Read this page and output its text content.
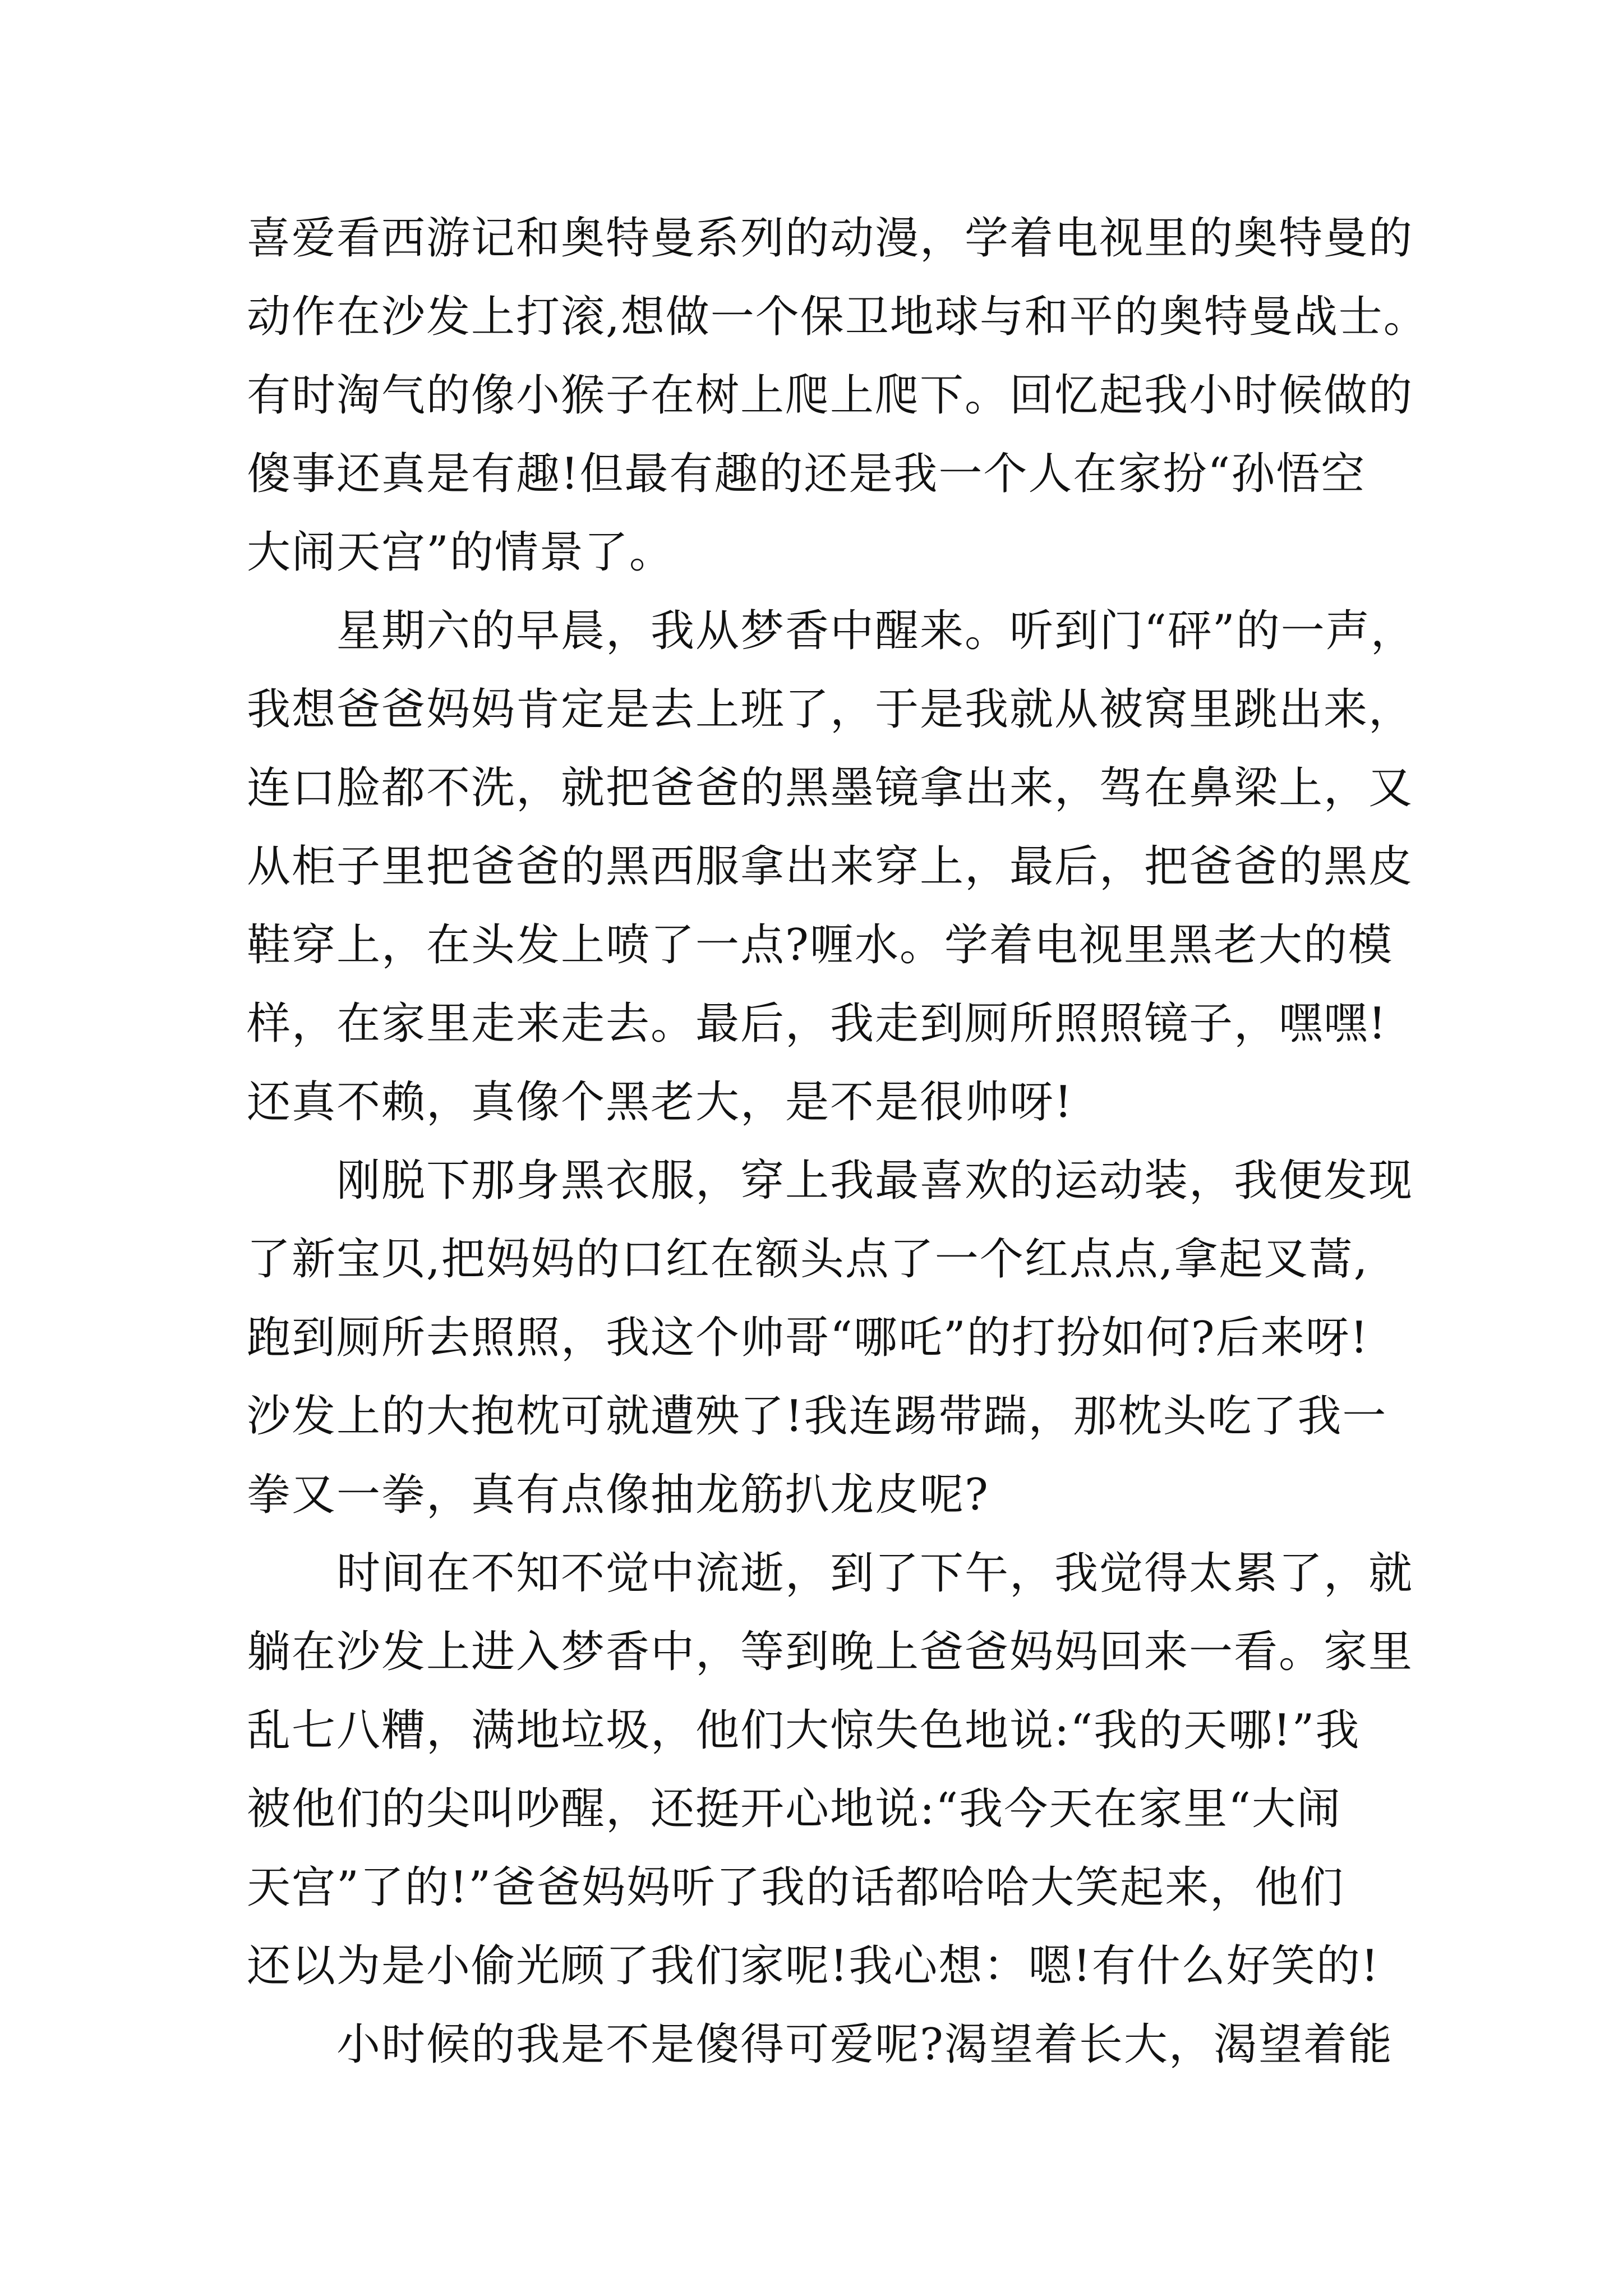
喜爱看西游记和奥特曼系列的动漫，学着电视里的奥特曼的
动作在沙发上打滚,想做一个保卫地球与和平的奥特曼战士。
有时淘气的像小猴子在树上爬上爬下。回忆起我小时候做的
傻事还真是有趣!但最有趣的还是我一个人在家扮“孙悟空
大闹天宫”的情景了。
　　星期六的早晨，我从梦香中醒来。听到门“砰”的一声，
我想爸爸妈妈肯定是去上班了，于是我就从被窝里跳出来，
连口脸都不洗，就把爸爸的黑墨镜拿出来，驾在鼻梁上，又
从柜子里把爸爸的黑西服拿出来穿上，最后，把爸爸的黑皮
鞋穿上，在头发上喷了一点?喱水。学着电视里黑老大的模
样，在家里走来走去。最后，我走到厕所照照镜子，嘿嘿!
还真不赖，真像个黑老大，是不是很帅呀!
　　刚脱下那身黑衣服，穿上我最喜欢的运动装，我便发现
了新宝贝,把妈妈的口红在额头点了一个红点点,拿起叉蒿,
跑到厕所去照照，我这个帅哥“哪吒”的打扮如何?后来呀!
沙发上的大抱枕可就遭殃了!我连踢带踹，那枕头吃了我一
拳又一拳，真有点像抽龙筋扒龙皮呢?
　　时间在不知不觉中流逝，到了下午，我觉得太累了，就
躺在沙发上进入梦香中，等到晚上爸爸妈妈回来一看。家里
乱七八糟，满地垃圾，他们大惊失色地说:“我的天哪!”我
被他们的尖叫吵醒，还挺开心地说:“我今天在家里“大闹
天宫”了的!”爸爸妈妈听了我的话都哈哈大笑起来，他们
还以为是小偷光顾了我们家呢!我心想：嗯!有什么好笑的!
　　小时候的我是不是傻得可爱呢?渴望着长大，渴望着能
